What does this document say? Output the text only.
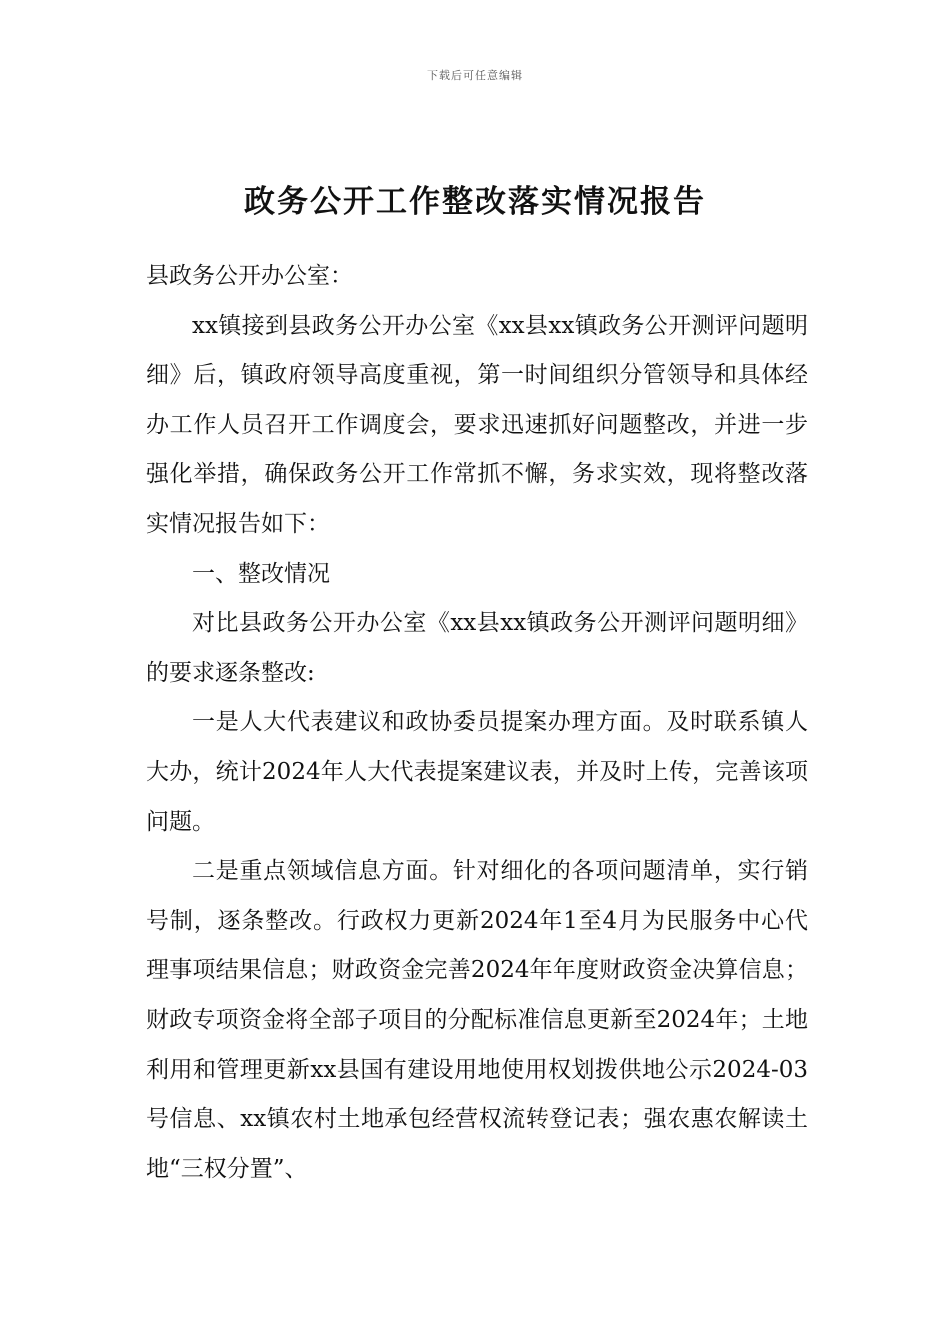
下载后可任意编辑
政务公开工作整改落实情况报告

县政务公开办公室：

xx镇接到县政务公开办公室《xx县xx镇政务公开测评问题明细》后，镇政府领导高度重视，第一时间组织分管领导和具体经办工作人员召开工作调度会，要求迅速抓好问题整改，并进一步强化举措，确保政务公开工作常抓不懈，务求实效，现将整改落实情况报告如下：

一、整改情况

对比县政务公开办公室《xx县xx镇政务公开测评问题明细》的要求逐条整改:

一是人大代表建议和政协委员提案办理方面。及时联系镇人大办，统计2024年人大代表提案建议表，并及时上传，完善该项问题。

二是重点领域信息方面。针对细化的各项问题清单，实行销号制，逐条整改。行政权力更新2024年1至4月为民服务中心代理事项结果信息；财政资金完善2024年年度财政资金决算信息；财政专项资金将全部子项目的分配标准信息更新至2024年；土地利用和管理更新xx县国有建设用地使用权划拨供地公示2024-03号信息、xx镇农村土地承包经营权流转登记表；强农惠农解读土地“三权分置”、
